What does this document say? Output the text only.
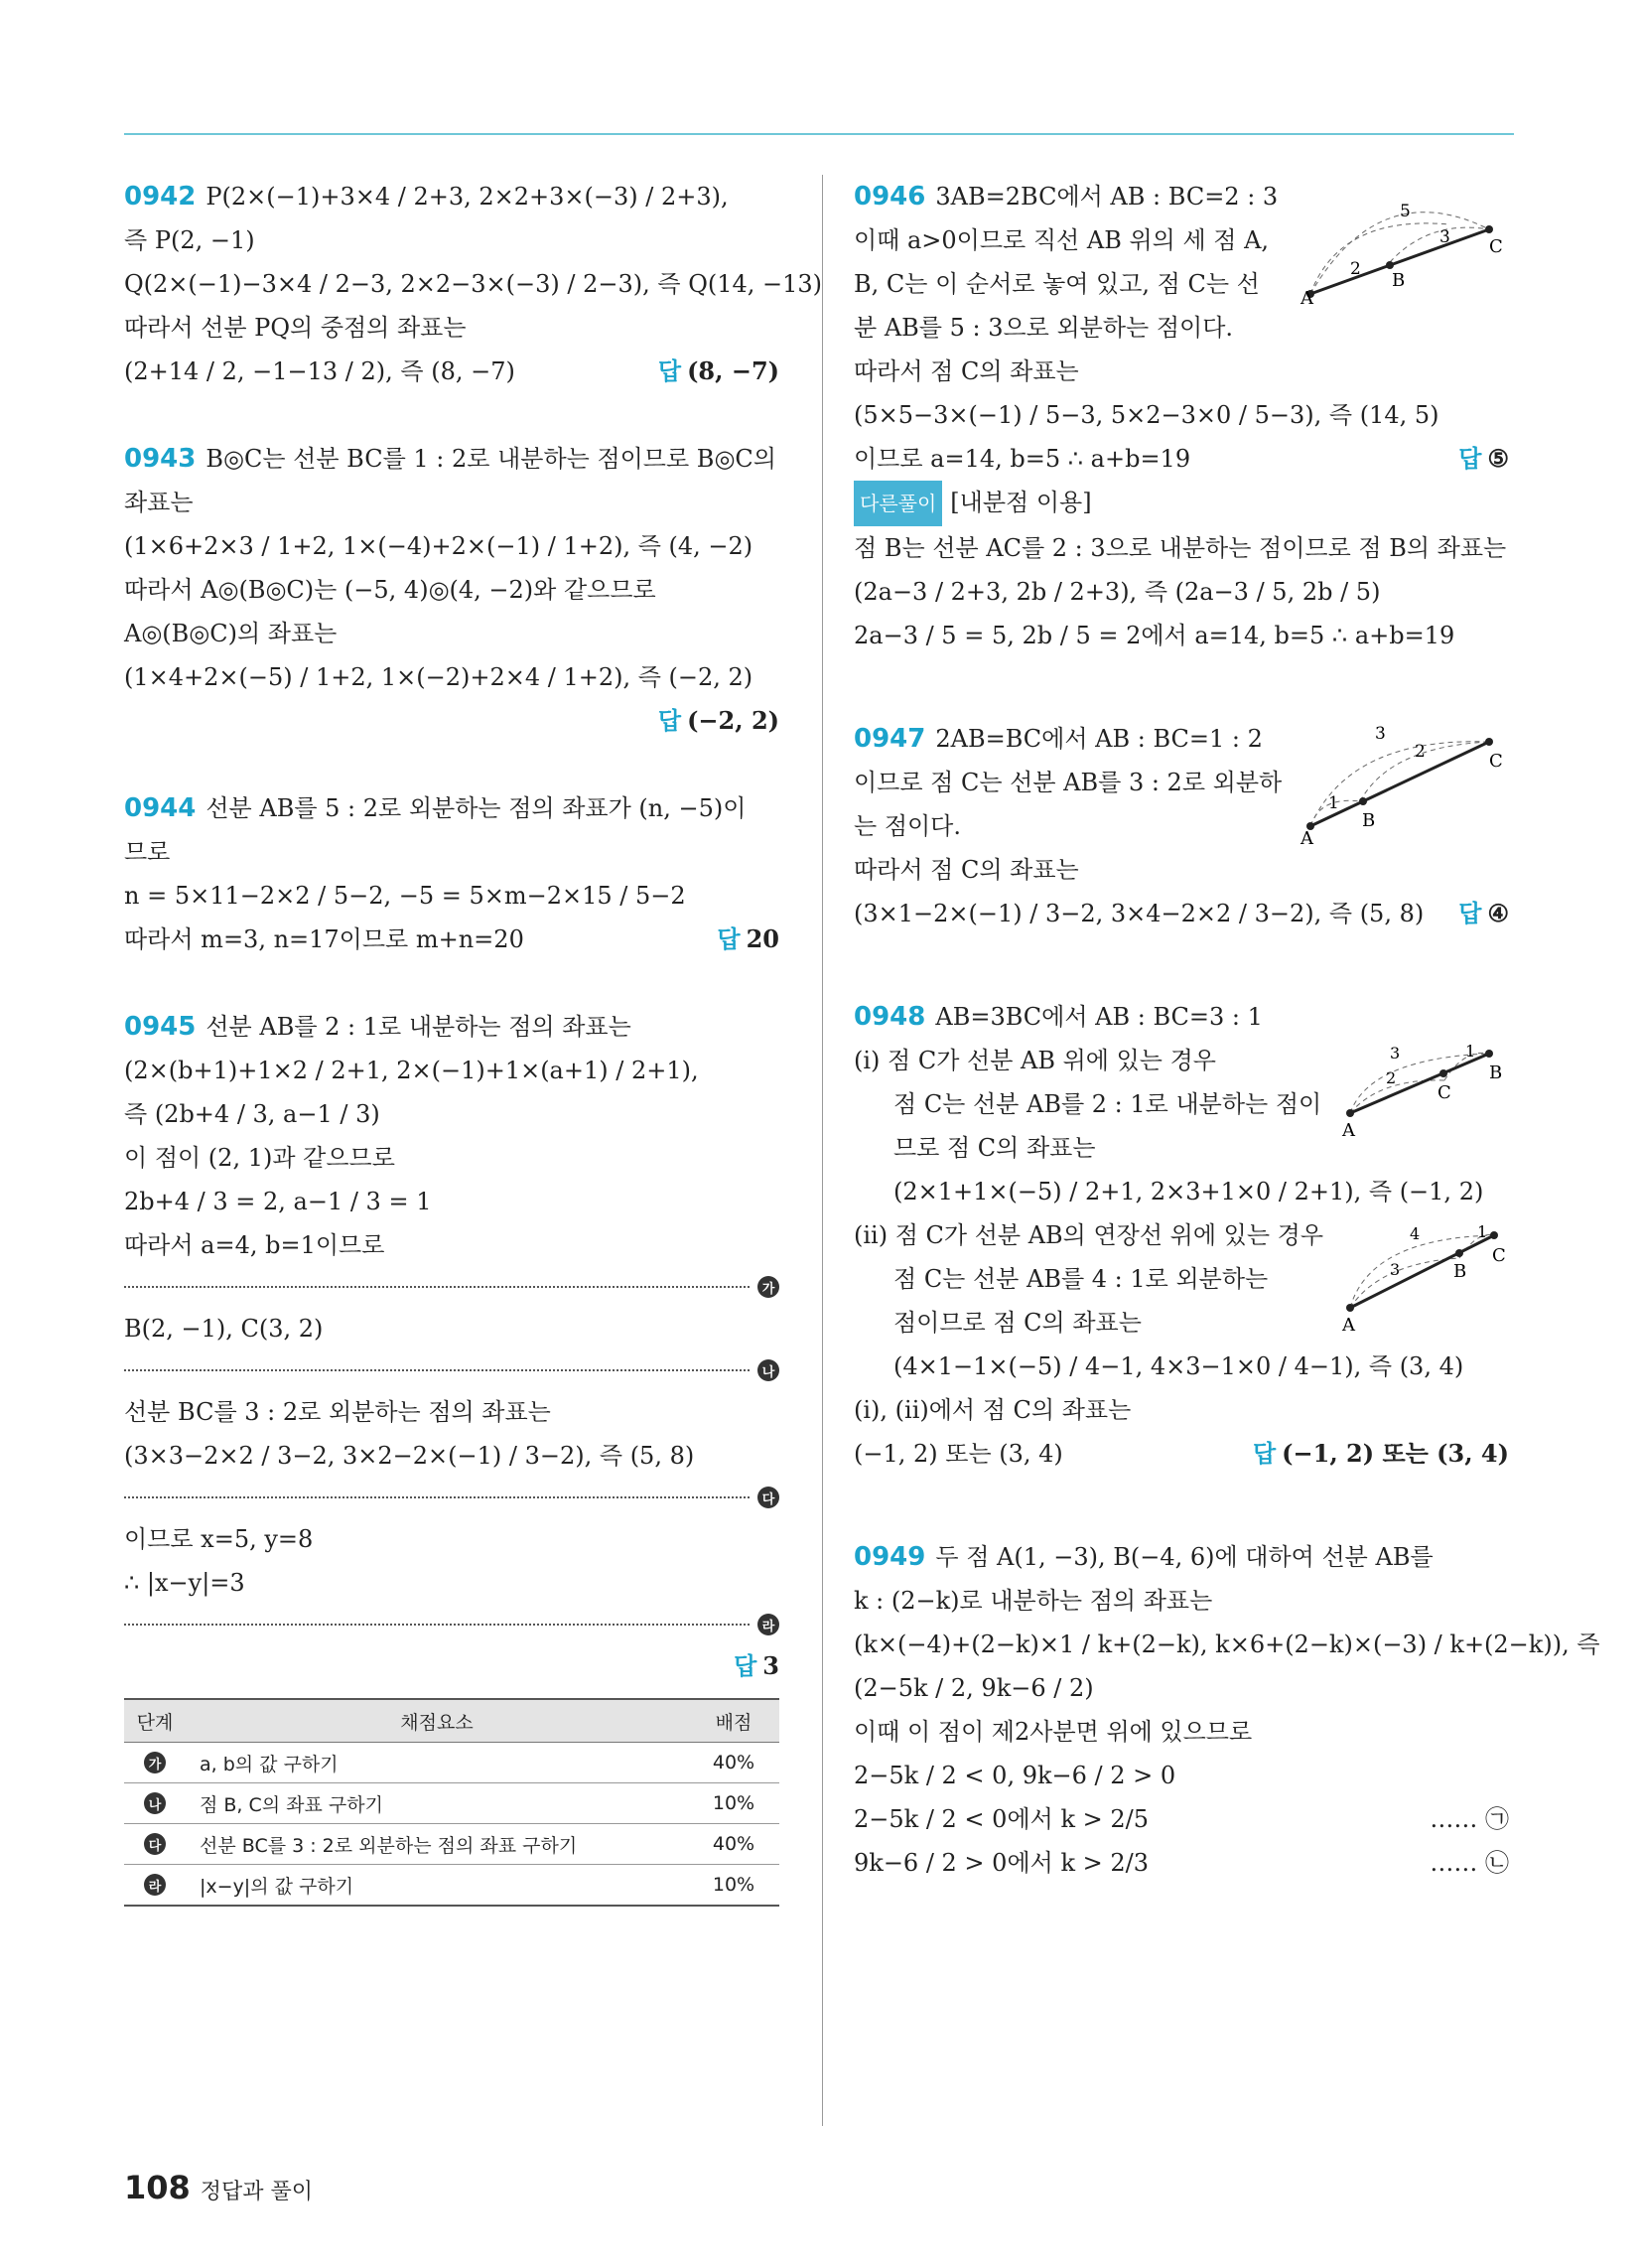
0942 P(2×(−1)+3×4 / 2+3, 2×2+3×(−3) / 2+3),
즉 P(2, −1)
Q(2×(−1)−3×4 / 2−3, 2×2−3×(−3) / 2−3), 즉 Q(14, −13)
따라서 선분 PQ의 중점의 좌표는
(2+14 / 2, −1−13 / 2), 즉 (8, −7)	답 (8, −7)
0943 B◎C는 선분 BC를 1 : 2로 내분하는 점이므로 B◎C의
좌표는
(1×6+2×3 / 1+2, 1×(−4)+2×(−1) / 1+2), 즉 (4, −2)
따라서 A◎(B◎C)는 (−5, 4)◎(4, −2)와 같으므로
A◎(B◎C)의 좌표는
(1×4+2×(−5) / 1+2, 1×(−2)+2×4 / 1+2), 즉 (−2, 2)
답 (−2, 2)
0944 선분 AB를 5 : 2로 외분하는 점의 좌표가 (n, −5)이
므로
n = 5×11−2×2 / 5−2, −5 = 5×m−2×15 / 5−2
따라서 m=3, n=17이므로 m+n=20	답 20
0945 선분 AB를 2 : 1로 내분하는 점의 좌표는
(2×(b+1)+1×2 / 2+1, 2×(−1)+1×(a+1) / 2+1),
즉 (2b+4 / 3, a−1 / 3)
이 점이 (2, 1)과 같으므로
2b+4 / 3 = 2, a−1 / 3 = 1
따라서 a=4, b=1이므로
가
B(2, −1), C(3, 2)
나
선분 BC를 3 : 2로 외분하는 점의 좌표는
(3×3−2×2 / 3−2, 3×2−2×(−1) / 3−2), 즉 (5, 8)
다
이므로 x=5, y=8
∴ |x−y|=3
라
답 3
단계	채점요소	배점
가	a, b의 값 구하기	40%
나	점 B, C의 좌표 구하기	10%
다	선분 BC를 3 : 2로 외분하는 점의 좌표 구하기	40%
라	|x−y|의 값 구하기	10%
A
B
C
5
3
2
0946 3AB=2BC에서 AB : BC=2 : 3
이때 a>0이므로 직선 AB 위의 세 점 A,
B, C는 이 순서로 놓여 있고, 점 C는 선
분 AB를 5 : 3으로 외분하는 점이다.
따라서 점 C의 좌표는
(5×5−3×(−1) / 5−3, 5×2−3×0 / 5−3), 즉 (14, 5)
이므로 a=14, b=5 ∴ a+b=19	답 ⑤
다른풀이 [내분점 이용]
점 B는 선분 AC를 2 : 3으로 내분하는 점이므로 점 B의 좌표는
(2a−3 / 2+3, 2b / 2+3), 즉 (2a−3 / 5, 2b / 5)
2a−3 / 5 = 5, 2b / 5 = 2에서 a=14, b=5 ∴ a+b=19
A
B
C
3
2
1
0947 2AB=BC에서 AB : BC=1 : 2
이므로 점 C는 선분 AB를 3 : 2로 외분하
는 점이다.
따라서 점 C의 좌표는
(3×1−2×(−1) / 3−2, 3×4−2×2 / 3−2), 즉 (5, 8) 답 ④
0948 AB=3BC에서 AB : BC=3 : 1
A
B
C
3	1
2
(i) 점 C가 선분 AB 위에 있는 경우
점 C는 선분 AB를 2 : 1로 내분하는 점이
므로 점 C의 좌표는
(2×1+1×(−5) / 2+1, 2×3+1×0 / 2+1), 즉 (−1, 2)
A
B
C
4	1
3
(ii) 점 C가 선분 AB의 연장선 위에 있는 경우
점 C는 선분 AB를 4 : 1로 외분하는
점이므로 점 C의 좌표는
(4×1−1×(−5) / 4−1, 4×3−1×0 / 4−1), 즉 (3, 4)
(i), (ii)에서 점 C의 좌표는
(−1, 2) 또는 (3, 4)	답 (−1, 2) 또는 (3, 4)
0949 두 점 A(1, −3), B(−4, 6)에 대하여 선분 AB를
k : (2−k)로 내분하는 점의 좌표는
(k×(−4)+(2−k)×1 / k+(2−k), k×6+(2−k)×(−3) / k+(2−k)), 즉
(2−5k / 2, 9k−6 / 2)
이때 이 점이 제2사분면 위에 있으므로
2−5k / 2 < 0, 9k−6 / 2 > 0
2−5k / 2 < 0에서 k > 2/5	…… ㉠
9k−6 / 2 > 0에서 k > 2/3	…… ㉡
108 정답과 풀이
